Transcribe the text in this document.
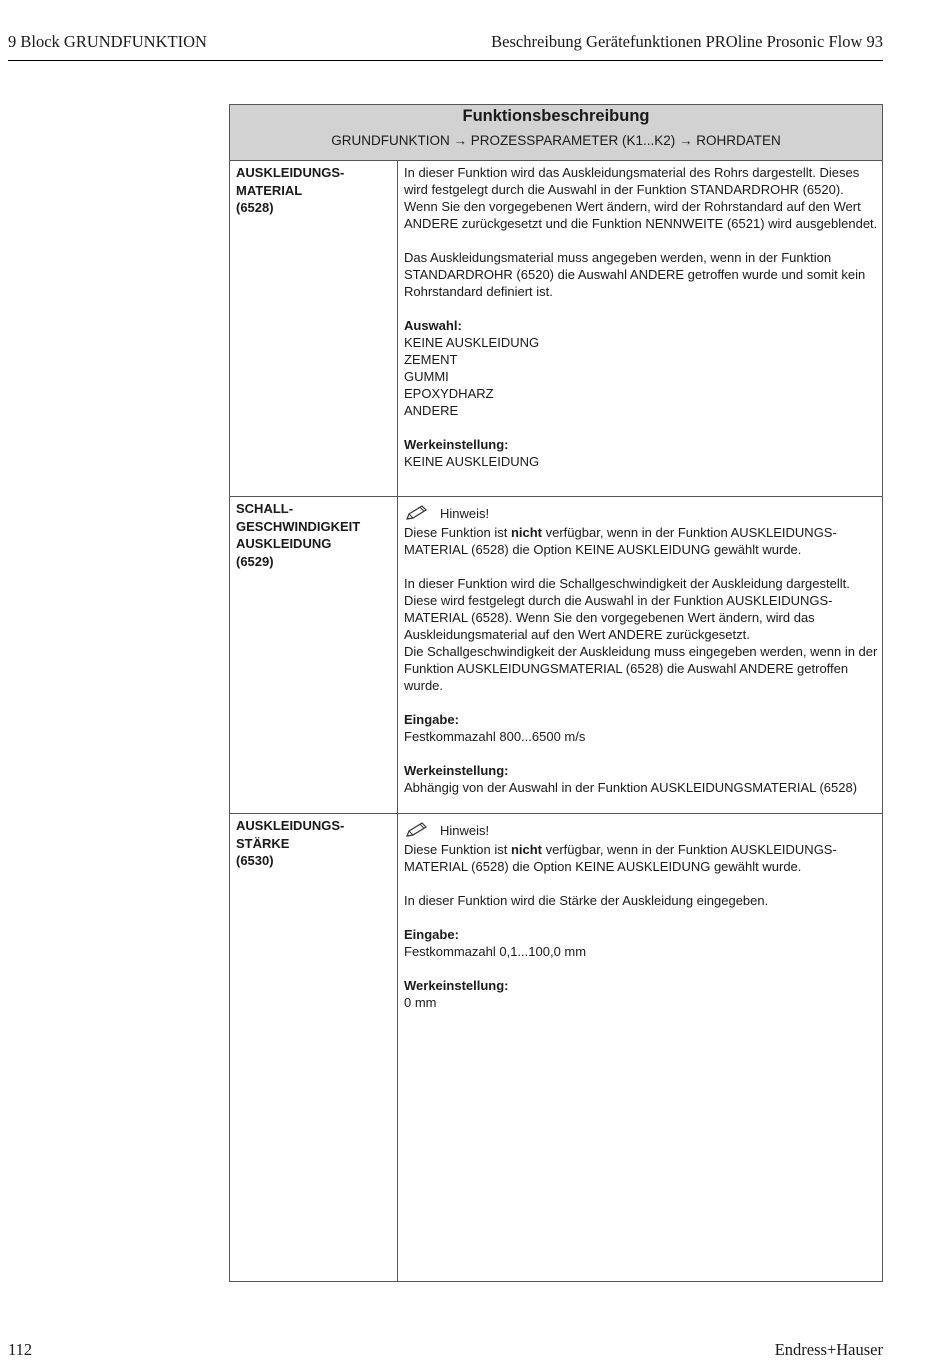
9 Block GRUNDFUNKTION	Beschreibung Gerätefunktionen PROline Prosonic Flow 93
Funktionsbeschreibung
GRUNDFUNKTION → PROZESSPARAMETER (K1...K2) → ROHRDATEN
AUSKLEIDUNGS-
MATERIAL
(6528)

In dieser Funktion wird das Auskleidungsmaterial des Rohrs dargestellt. Dieses wird festgelegt durch die Auswahl in der Funktion STANDARDROHR (6520). Wenn Sie den vorgegebenen Wert ändern, wird der Rohrstandard auf den Wert ANDERE zurückgesetzt und die Funktion NENNWEITE (6521) wird ausgeblendet.

Das Auskleidungsmaterial muss angegeben werden, wenn in der Funktion STANDARDROHR (6520) die Auswahl ANDERE getroffen wurde und somit kein Rohrstandard definiert ist.

Auswahl:
KEINE AUSKLEIDUNG
ZEMENT
GUMMI
EPOXYDHARZ
ANDERE
Werkeinstellung:
KEINE AUSKLEIDUNG
SCHALL-
GESCHWINDIGKEIT
AUSKLEIDUNG
(6529)
Hinweis!

Diese Funktion ist nicht verfügbar, wenn in der Funktion AUSKLEIDUNGS-MATERIAL (6528) die Option KEINE AUSKLEIDUNG gewählt wurde.

In dieser Funktion wird die Schallgeschwindigkeit der Auskleidung dargestellt. Diese wird festgelegt durch die Auswahl in der Funktion AUSKLEIDUNGS-MATERIAL (6528). Wenn Sie den vorgegebenen Wert ändern, wird das Auskleidungsmaterial auf den Wert ANDERE zurückgesetzt.

Die Schallgeschwindigkeit der Auskleidung muss eingegeben werden, wenn in der Funktion AUSKLEIDUNGSMATERIAL (6528) die Auswahl ANDERE getroffen wurde.

Eingabe:
Festkommazahl 800...6500 m/s
Werkeinstellung:
Abhängig von der Auswahl in der Funktion AUSKLEIDUNGSMATERIAL (6528)
AUSKLEIDUNGS-
STÄRKE
(6530)
Hinweis!

Diese Funktion ist nicht verfügbar, wenn in der Funktion AUSKLEIDUNGS-MATERIAL (6528) die Option KEINE AUSKLEIDUNG gewählt wurde.

In dieser Funktion wird die Stärke der Auskleidung eingegeben.

Eingabe:
Festkommazahl 0,1...100,0 mm
Werkeinstellung:
0 mm
112	Endress+Hauser
